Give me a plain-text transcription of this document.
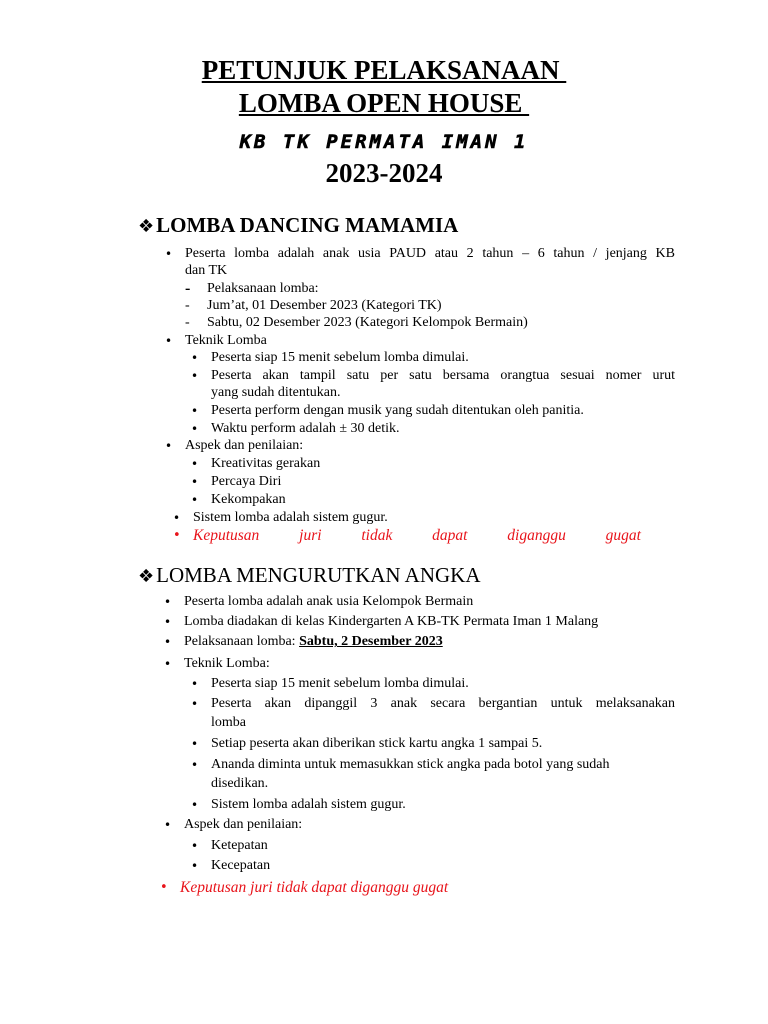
PETUNJUK PELAKSANAAN
LOMBA OPEN HOUSE
KB TK PERMATA IMAN 1
2023-2024
❖LOMBA DANCING MAMAMIA
• Peserta lomba adalah anak usia PAUD atau 2 tahun – 6 tahun / jenjang KB
dan TK
- Pelaksanaan lomba:
- Jum’at, 01 Desember 2023 (Kategori TK)
- Sabtu, 02 Desember 2023 (Kategori Kelompok Bermain)
• Teknik Lomba
• Peserta siap 15 menit sebelum lomba dimulai.
• Peserta akan tampil satu per satu bersama orangtua sesuai nomer urut
yang sudah ditentukan.
• Peserta perform dengan musik yang sudah ditentukan oleh panitia.
• Waktu perform adalah ± 30 detik.
• Aspek dan penilaian:
• Kreativitas gerakan
• Percaya Diri
• Kekompakan
• Sistem lomba adalah sistem gugur.
• Keputusan juri tidak dapat diganggu gugat
❖LOMBA MENGURUTKAN ANGKA
• Peserta lomba adalah anak usia Kelompok Bermain
• Lomba diadakan di kelas Kindergarten A KB-TK Permata Iman 1 Malang
• Pelaksanaan lomba: Sabtu, 2 Desember 2023
• Teknik Lomba:
• Peserta siap 15 menit sebelum lomba dimulai.
• Peserta akan dipanggil 3 anak secara bergantian untuk melaksanakan
lomba
• Setiap peserta akan diberikan stick kartu angka 1 sampai 5.
• Ananda diminta untuk memasukkan stick angka pada botol yang sudah
disedikan.
• Sistem lomba adalah sistem gugur.
• Aspek dan penilaian:
• Ketepatan
• Kecepatan
• Keputusan juri tidak dapat diganggu gugat
